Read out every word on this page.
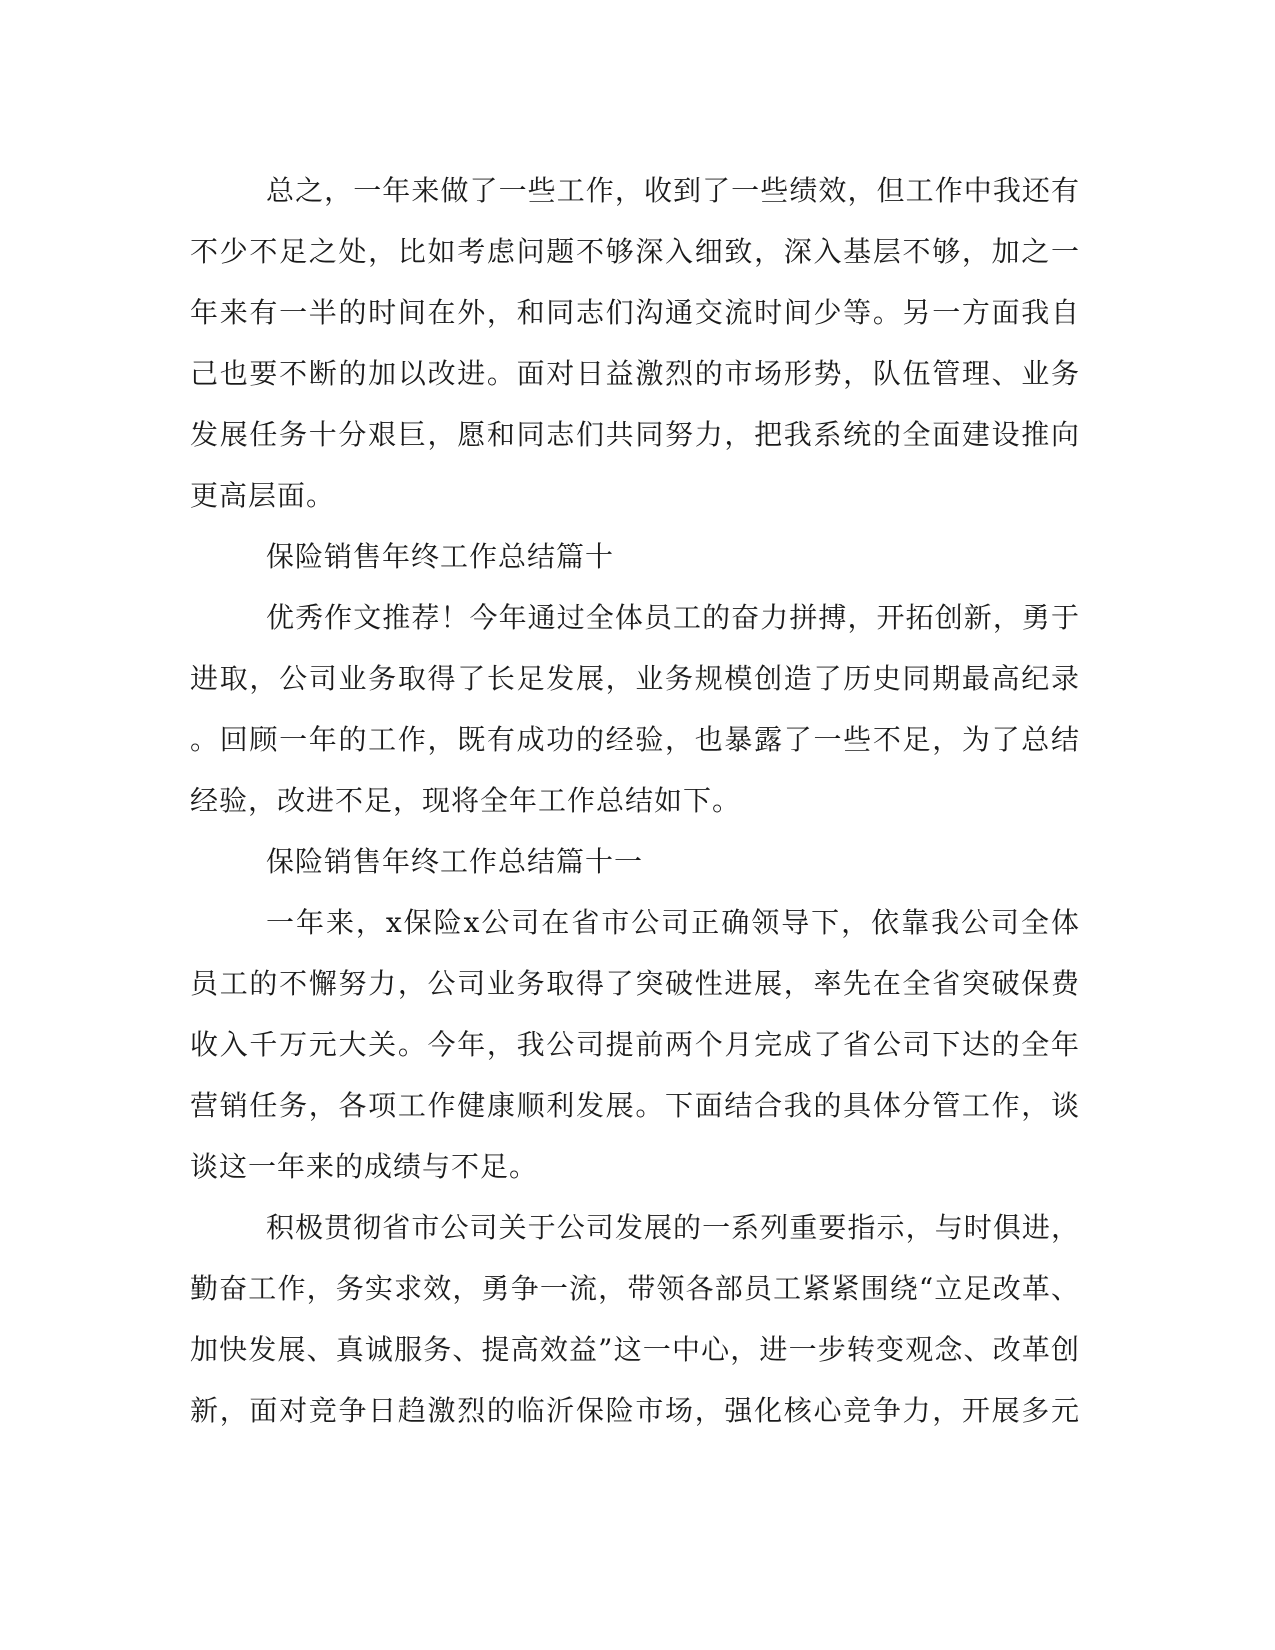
总之，一年来做了一些工作，收到了一些绩效，但工作中我还有
不少不足之处，比如考虑问题不够深入细致，深入基层不够，加之一
年来有一半的时间在外，和同志们沟通交流时间少等。另一方面我自
己也要不断的加以改进。面对日益激烈的市场形势，队伍管理、业务
发展任务十分艰巨，愿和同志们共同努力，把我系统的全面建设推向
更高层面。
保险销售年终工作总结篇十
优秀作文推荐！今年通过全体员工的奋力拼搏，开拓创新，勇于
进取，公司业务取得了长足发展，业务规模创造了历史同期最高纪录
。回顾一年的工作，既有成功的经验，也暴露了一些不足，为了总结
经验，改进不足，现将全年工作总结如下。
保险销售年终工作总结篇十一
一年来，x保险x公司在省市公司正确领导下，依靠我公司全体
员工的不懈努力，公司业务取得了突破性进展，率先在全省突破保费
收入千万元大关。今年，我公司提前两个月完成了省公司下达的全年
营销任务，各项工作健康顺利发展。下面结合我的具体分管工作，谈
谈这一年来的成绩与不足。
积极贯彻省市公司关于公司发展的一系列重要指示，与时俱进，
勤奋工作，务实求效，勇争一流，带领各部员工紧紧围绕“立足改革、
加快发展、真诚服务、提高效益”这一中心，进一步转变观念、改革创
新，面对竞争日趋激烈的临沂保险市场，强化核心竞争力，开展多元
